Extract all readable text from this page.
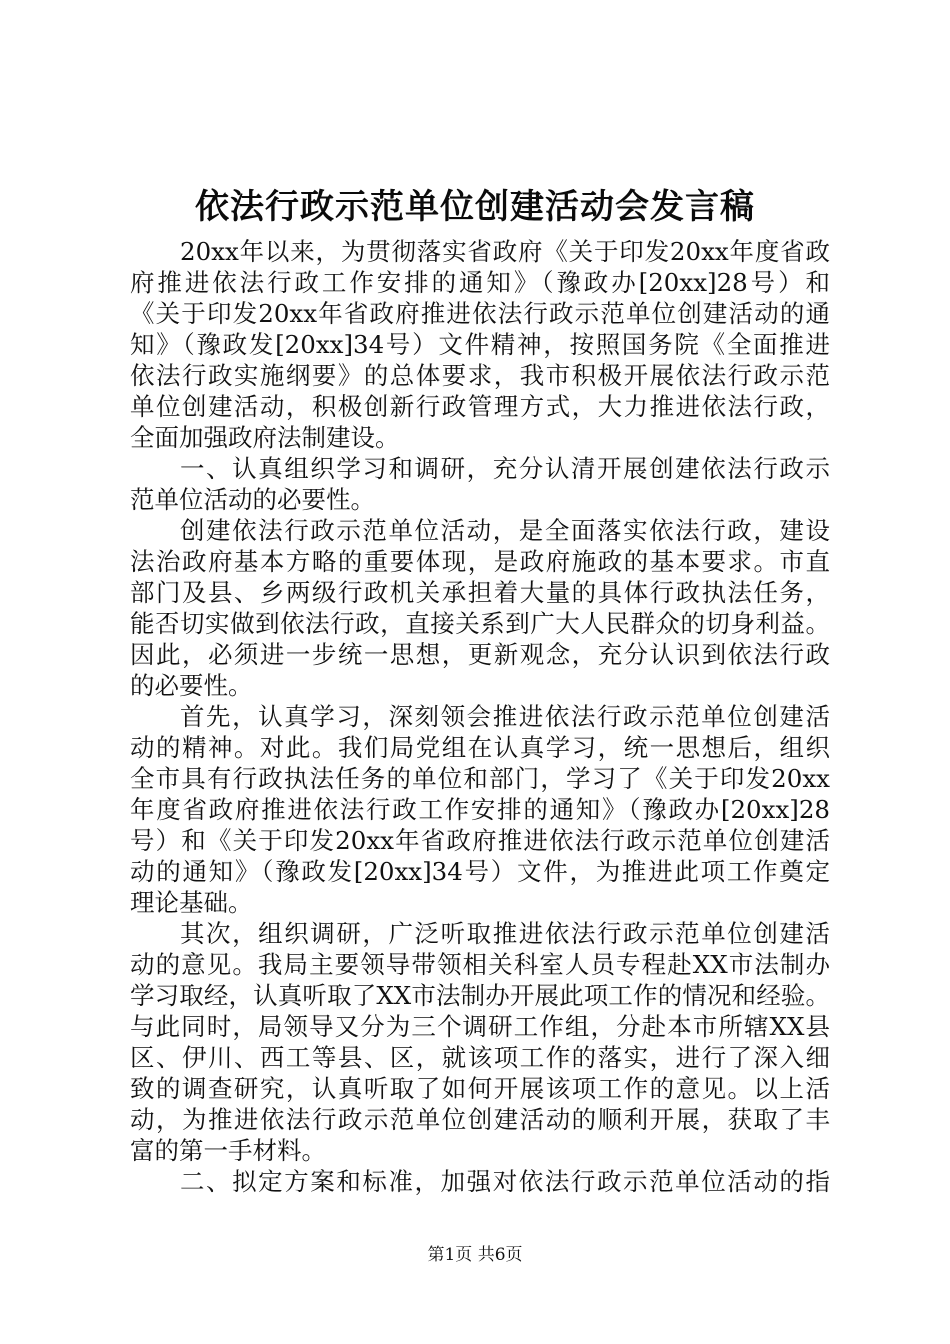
依法行政示范单位创建活动会发言稿
20xx年以来，为贯彻落实省政府《关于印发20xx年度省政
府推进依法行政工作安排的通知》（豫政办[20xx]28号）和
《关于印发20xx年省政府推进依法行政示范单位创建活动的通
知》（豫政发[20xx]34号）文件精神，按照国务院《全面推进
依法行政实施纲要》的总体要求，我市积极开展依法行政示范
单位创建活动，积极创新行政管理方式，大力推进依法行政，
全面加强政府法制建设。
一、认真组织学习和调研，充分认清开展创建依法行政示
范单位活动的必要性。
创建依法行政示范单位活动，是全面落实依法行政，建设
法治政府基本方略的重要体现，是政府施政的基本要求。市直
部门及县、乡两级行政机关承担着大量的具体行政执法任务，
能否切实做到依法行政，直接关系到广大人民群众的切身利益。
因此，必须进一步统一思想，更新观念，充分认识到依法行政
的必要性。
首先，认真学习，深刻领会推进依法行政示范单位创建活
动的精神。对此。我们局党组在认真学习，统一思想后，组织
全市具有行政执法任务的单位和部门，学习了《关于印发20xx
年度省政府推进依法行政工作安排的通知》（豫政办[20xx]28
号）和《关于印发20xx年省政府推进依法行政示范单位创建活
动的通知》（豫政发[20xx]34号）文件，为推进此项工作奠定
理论基础。
其次，组织调研，广泛听取推进依法行政示范单位创建活
动的意见。我局主要领导带领相关科室人员专程赴XX市法制办
学习取经，认真听取了XX市法制办开展此项工作的情况和经验。
与此同时，局领导又分为三个调研工作组，分赴本市所辖XX县
区、伊川、西工等县、区，就该项工作的落实，进行了深入细
致的调查研究，认真听取了如何开展该项工作的意见。以上活
动，为推进依法行政示范单位创建活动的顺利开展，获取了丰
富的第一手材料。
二、拟定方案和标准，加强对依法行政示范单位活动的指
第1页 共6页
